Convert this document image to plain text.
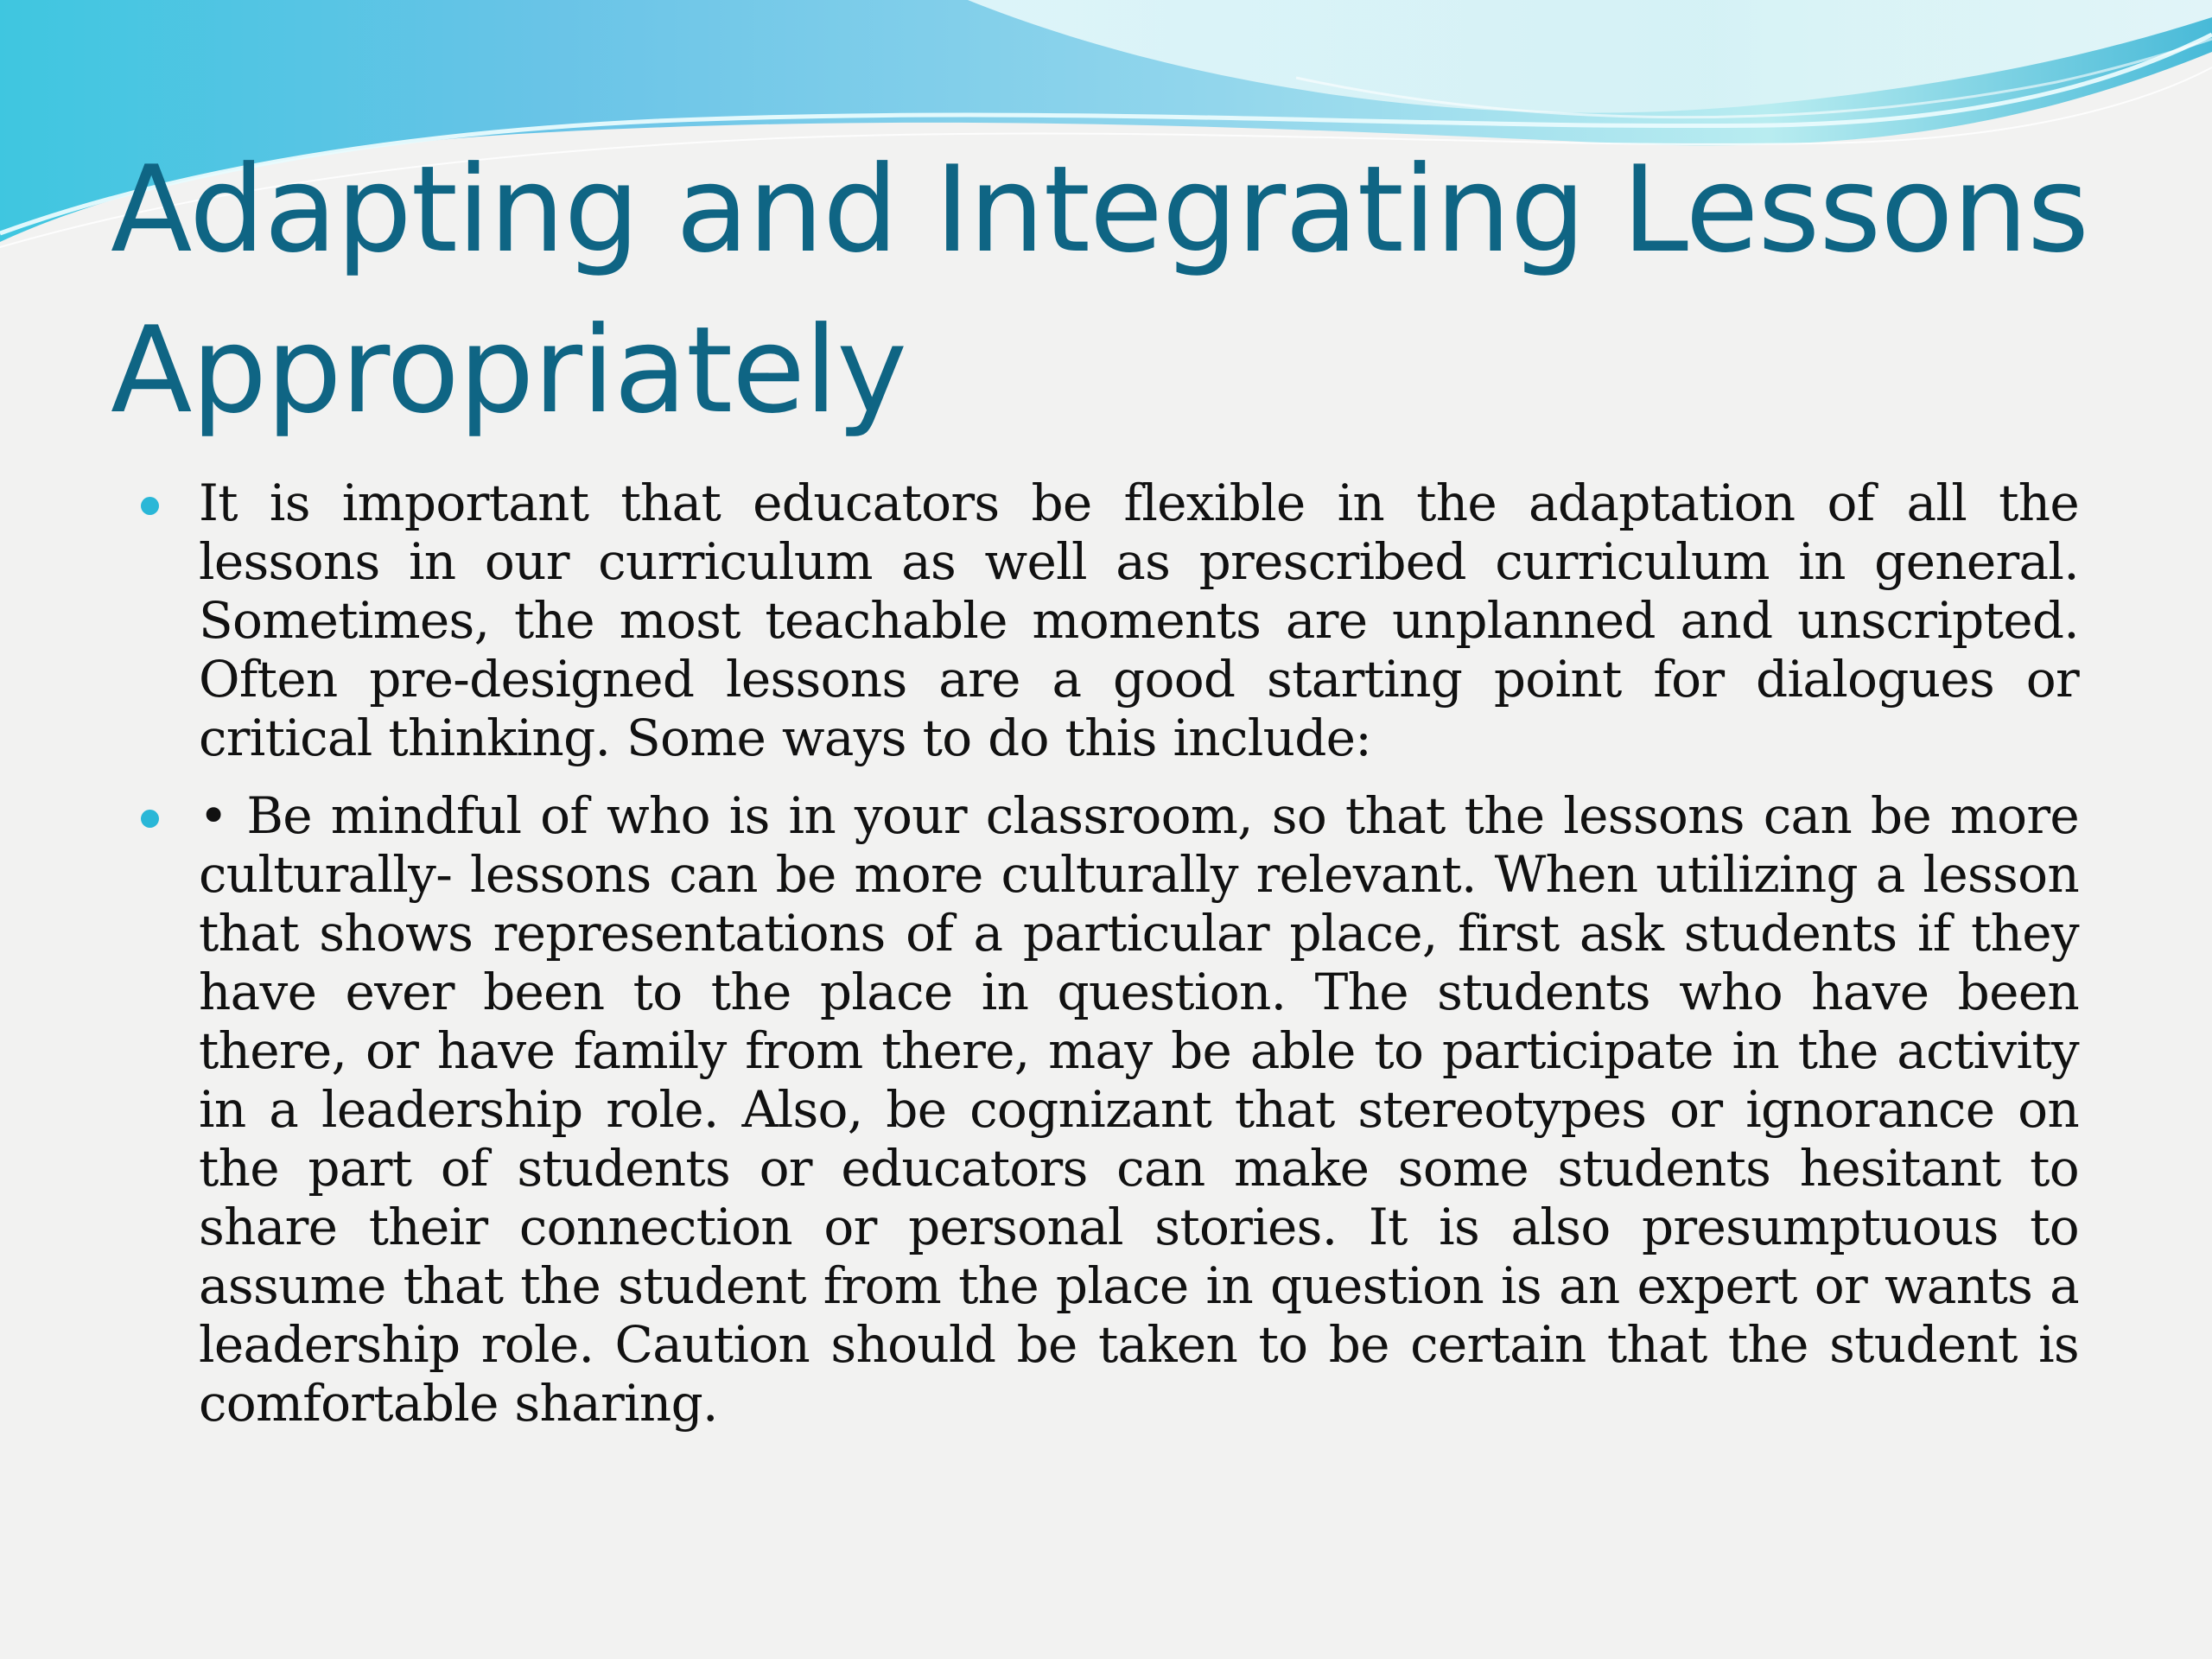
Adapting and Integrating Lessons Appropriately
It is important that educators be flexible in the adaptation of all the lessons in our curriculum as well as prescribed curriculum in general. Sometimes, the most teachable moments are unplanned and unscripted. Often pre-designed lessons are a good starting point for dialogues or critical thinking. Some ways to do this include:
• Be mindful of who is in your classroom, so that the lessons can be more culturally- lessons can be more culturally relevant. When utilizing a lesson that shows representations of a particular place, first ask students if they have ever been to the place in question. The students who have been there, or have family from there, may be able to participate in the activity in a leadership role. Also, be cognizant that stereotypes or ignorance on the part of students or educators can make some students hesitant to share their connection or personal stories. It is also presumptuous to assume that the student from the place in question is an expert or wants a leadership role. Caution should be taken to be certain that the student is comfortable sharing.
